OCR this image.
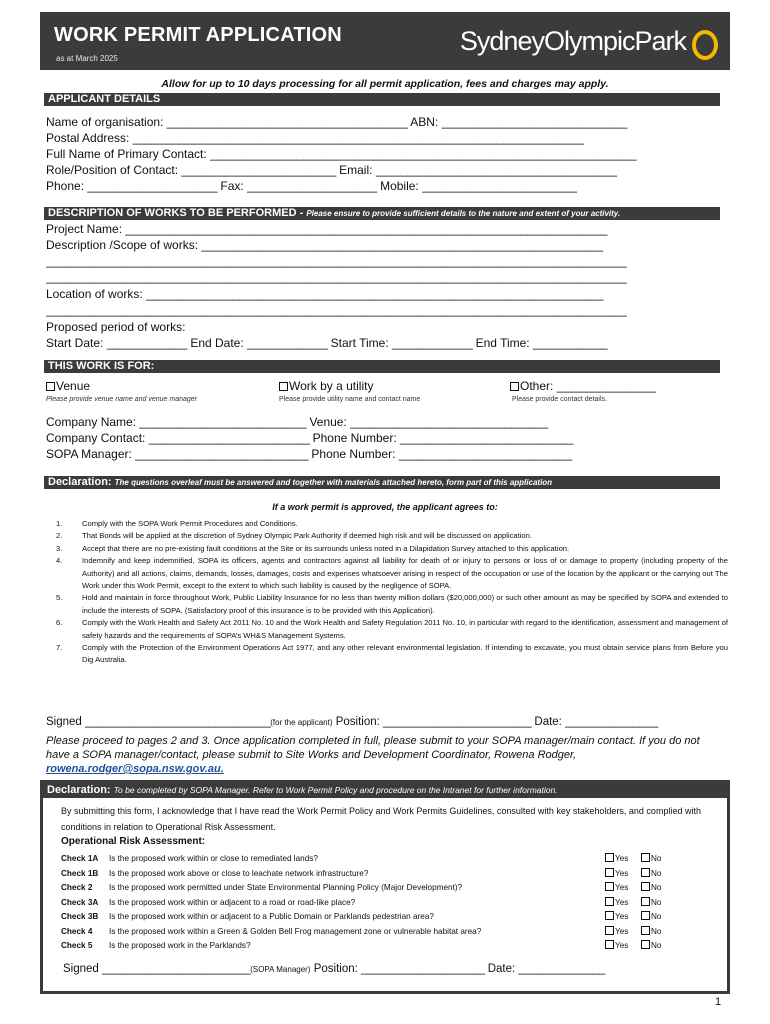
WORK PERMIT APPLICATION
as at March 2025
SydneyOlympicPark
Allow for up to 10 days processing for all permit application, fees and charges may apply.
APPLICANT DETAILS
Name of organisation: _______________________________________ ABN: ______________________________
Postal Address: _________________________________________________________________________
Full Name of Primary Contact: _____________________________________________________________________
Role/Position of Contact: _________________________ Email: _______________________________________
Phone: _____________________ Fax: _____________________ Mobile: _________________________
DESCRIPTION OF WORKS TO BE PERFORMED - Please ensure to provide sufficient details to the nature and extent of your activity.
Project Name: ______________________________________________________________________________
Description /Scope of works: _________________________________________________________________
______________________________________________________________________________________________
______________________________________________________________________________________________
Location of works: __________________________________________________________________________
______________________________________________________________________________________________
Proposed period of works:
Start Date: _____________ End Date: _____________ Start Time: _____________ End Time: ____________
THIS WORK IS FOR:
Venue
Please provide venue name and venue manager
Work by a utility
Please provide utility name and contact name
Other: ________________
Please provide contact details.
Company Name: ___________________________ Venue: ________________________________
Company Contact: __________________________ Phone Number: ____________________________
SOPA Manager: ____________________________ Phone Number: ____________________________
Declaration: The questions overleaf must be answered and together with materials attached hereto, form part of this application
If a work permit is approved, the applicant agrees to:
1.	Comply with the SOPA Work Permit Procedures and Conditions.
2.	That Bonds will be applied at the discretion of Sydney Olympic Park Authority if deemed high risk and will be discussed on application.
3.	Accept that there are no pre-existing fault conditions at the Site or its surrounds unless noted in a Dilapidation Survey attached to this application.
4.	Indemnify and keep indemnified, SOPA its officers, agents and contractors against all liability for death of or injury to persons or loss of or damage to property (including property of the Authority) and all actions, claims, demands, losses, damages, costs and expenses whatsoever arising in respect of the occupation or use of the location by the applicant or the carrying out The Work under this Work Permit, except to the extent to which such liability is caused by the negligence of SOPA.
5.	Hold and maintain in force throughout Work, Public Liability Insurance for no less than twenty million dollars ($20,000,000) or such other amount as may be specified by SOPA and extended to include the interests of SOPA. (Satisfactory proof of this insurance is to be provided with this Application).
6.	Comply with the Work Health and Safety Act 2011 No. 10 and the Work Health and Safety Regulation 2011 No. 10, in particular with regard to the identification, assessment and management of safety hazards and the requirements of SOPA’s WH&S Management Systems.
7.	Comply with the Protection of the Environment Operations Act 1977, and any other relevant environmental legislation. If intending to excavate, you must obtain service plans from Before you Dig Australia.
Signed ______________________________(for the applicant) Position: ________________________ Date: _______________
Please proceed to pages 2 and 3. Once application completed in full, please submit to your SOPA manager/main contact. If you do not have a SOPA manager/contact, please submit to Site Works and Development Coordinator, Rowena Rodger, rowena.rodger@sopa.nsw.gov.au.
Declaration: To be completed by SOPA Manager. Refer to Work Permit Policy and procedure on the Intranet for further information.
By submitting this form, I acknowledge that I have read the Work Permit Policy and Work Permits Guidelines, consulted with key stakeholders, and complied with conditions in relation to Operational Risk Assessment.
Operational Risk Assessment:
Check 1A Is the proposed work within or close to remediated lands?	Yes	No
Check 1B Is the proposed work above or close to leachate network infrastructure?	Yes	No
Check 2 Is the proposed work permitted under State Environmental Planning Policy (Major Development)?	Yes	No
Check 3A Is the proposed work within or adjacent to a road or road-like place?	Yes	No
Check 3B Is the proposed work within or adjacent to a Public Domain or Parklands pedestrian area?	Yes	No
Check 4 Is the proposed work within a Green & Golden Bell Frog management zone or vulnerable habitat area?	Yes	No
Check 5 Is the proposed work in the Parklands?	Yes	No
Signed ________________________(SOPA Manager) Position: ____________________ Date: ______________
1
